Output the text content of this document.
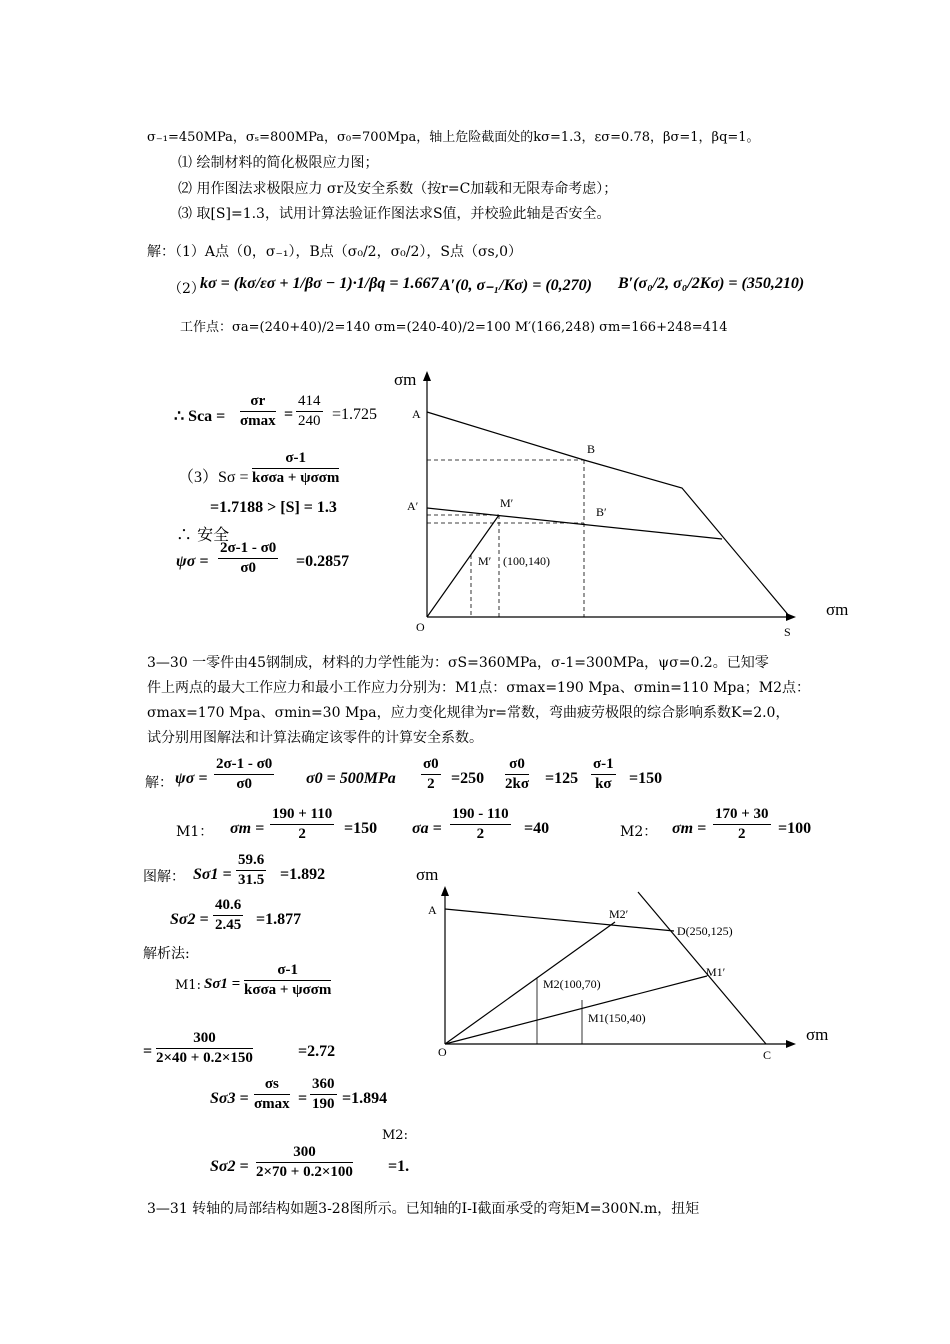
σ₋₁=450MPa，σₛ=800MPa，σ₀=700Mpa，轴上危险截面处的kσ=1.3，εσ=0.78，βσ=1，βq=1。
⑴ 绘制材料的简化极限应力图；
⑵ 用作图法求极限应力 σr及安全系数（按r=C加载和无限寿命考虑）；
⑶ 取[S]=1.3，试用计算法验证作图法求S值，并校验此轴是否安全。
解：（1）A点（0，σ₋₁），B点（σ₀/2，σ₀/2），S点（σs,0）
（2）
kσ = (kσ/εσ + 1/βσ − 1)·1/βq = 1.667 A′(0, σ₋₁/Kσ) = (0,270) B′(σ₀/2, σ₀/2Kσ) = (350,210)
工作点：σa=(240+40)/2=140 σm=(240-40)/2=100 M′(166,248) σm=166+248=414
∴ Sca =
σr
$\sigma\max = \frac{414}{240} =1.725$
（3）Sσ =
σ-1
kσσa + ψσσm
=1.7188 > [S] = 1.3
∴ 安全
$\psi\sigma = \frac{2\sigma-1 - \sigma 0}{\sigma 0} =0.2857$
σm
σm
A
B
A′	B′
M′
M′ (100,140)
O	S
3—30 一零件由45钢制成，材料的力学性能为：σS=360MPa，σ-1=300MPa，ψσ=0.2。已知零
件上两点的最大工作应力和最小工作应力分别为：M1点：σmax=190 Mpa、σmin=110 Mpa；M2点：
σmax=170 Mpa、σmin=30 Mpa，应力变化规律为r=常数，弯曲疲劳极限的综合影响系数K=2.0，
试分别用图解法和计算法确定该零件的计算安全系数。
解： $\psi\sigma = \frac{2\sigma-1 - \sigma 0}{\sigma 0} \sigma 0 = 500MPa \frac{\sigma 0}{2} =250 \frac{\sigma 0}{2k\sigma} =125 \frac{\sigma-1}{k\sigma} =150$
M1： $\sigma m = \frac{190 + 110}{2} =150$ $\sigma a = \frac{190 - 110}{2} =40$	M2： $\sigma m = \frac{170 + 30}{2} =100$
图解： $S\sigma 1 = \frac{59.6}{31.5} =1.892$
$S\sigma 2 = \frac{40.6}{2.45} =1.877$
解析法:
M1: Sσ1 =
σ-1
kσσa + ψσσm
= $\frac{300}{2\times 40 + 0.2\times 150}$	=2.72
Sσ3 =
σs
$\sigma\max = \frac{360}{190} =1.894$
M2:
$S\sigma 2 = \frac{300}{2\times 70 + 0.2\times 100} =1$.
σm
σm
A
D(250,125)
M2′
M1′
M2(100,70)
M1(150,40)
O	C
3—31 转轴的局部结构如题3-28图所示。已知轴的Ⅰ-Ⅰ截面承受的弯矩M=300N.m，扭矩
